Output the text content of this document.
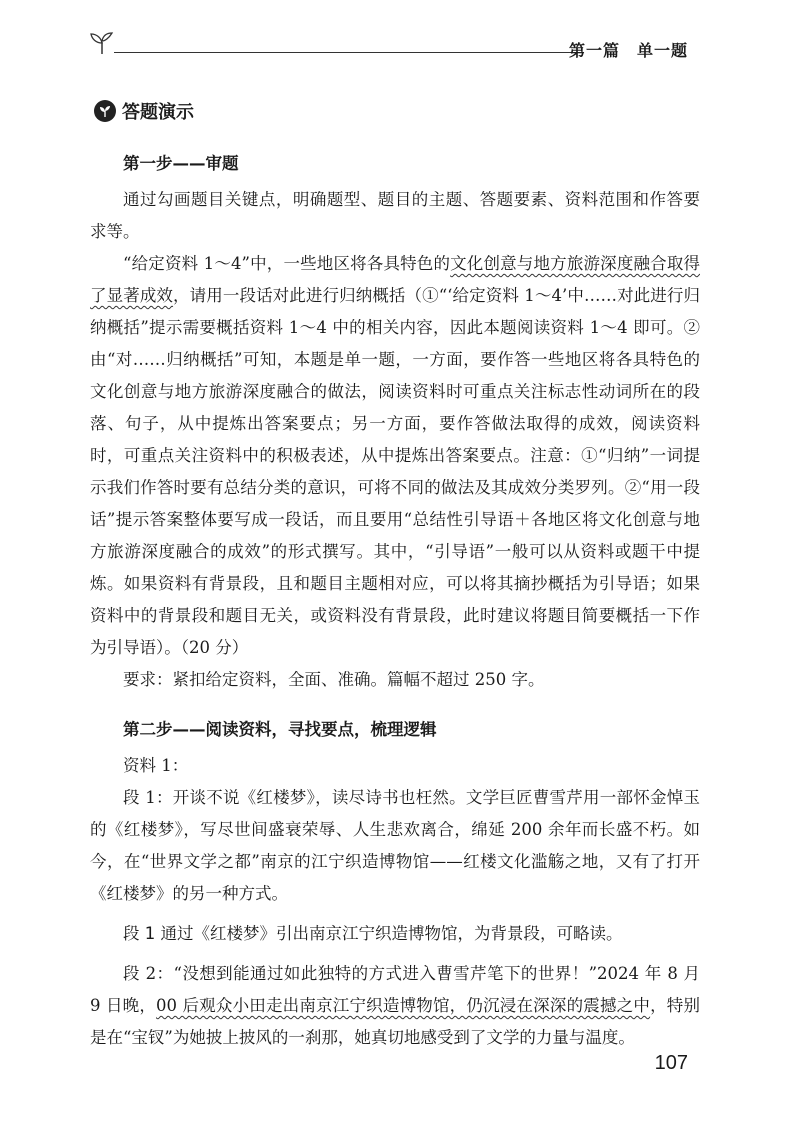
第一篇　单一题
答题演示

第一步——审题

通过勾画题目关键点，明确题型、题目的主题、答题要素、资料范围和作答要求等。

“给定资料 1～4”中，一些地区将各具特色的文化创意与地方旅游深度融合取得了显著成效，请用一段话对此进行归纳概括（①“‘给定资料 1～4’中……对此进行归纳概括”提示需要概括资料 1～4 中的相关内容，因此本题阅读资料 1～4 即可。②由“对……归纳概括”可知，本题是单一题，一方面，要作答一些地区将各具特色的文化创意与地方旅游深度融合的做法，阅读资料时可重点关注标志性动词所在的段落、句子，从中提炼出答案要点；另一方面，要作答做法取得的成效，阅读资料时，可重点关注资料中的积极表述，从中提炼出答案要点。注意：①“归纳”一词提示我们作答时要有总结分类的意识，可将不同的做法及其成效分类罗列。②“用一段话”提示答案整体要写成一段话，而且要用“总结性引导语＋各地区将文化创意与地方旅游深度融合的成效”的形式撰写。其中，“引导语”一般可以从资料或题干中提炼。如果资料有背景段，且和题目主题相对应，可以将其摘抄概括为引导语；如果资料中的背景段和题目无关，或资料没有背景段，此时建议将题目简要概括一下作为引导语）。（20 分）

要求：紧扣给定资料，全面、准确。篇幅不超过 250 字。

第二步——阅读资料，寻找要点，梳理逻辑

资料 1：

段 1：开谈不说《红楼梦》，读尽诗书也枉然。文学巨匠曹雪芹用一部怀金悼玉的《红楼梦》，写尽世间盛衰荣辱、人生悲欢离合，绵延 200 余年而长盛不朽。如今，在“世界文学之都”南京的江宁织造博物馆——红楼文化滥觞之地，又有了打开《红楼梦》的另一种方式。

段 1 通过《红楼梦》引出南京江宁织造博物馆，为背景段，可略读。

段 2：“没想到能通过如此独特的方式进入曹雪芹笔下的世界！”2024 年 8 月 9 日晚，00 后观众小田走出南京江宁织造博物馆，仍沉浸在深深的震撼之中，特别是在“宝钗”为她披上披风的一刹那，她真切地感受到了文学的力量与温度。

107
